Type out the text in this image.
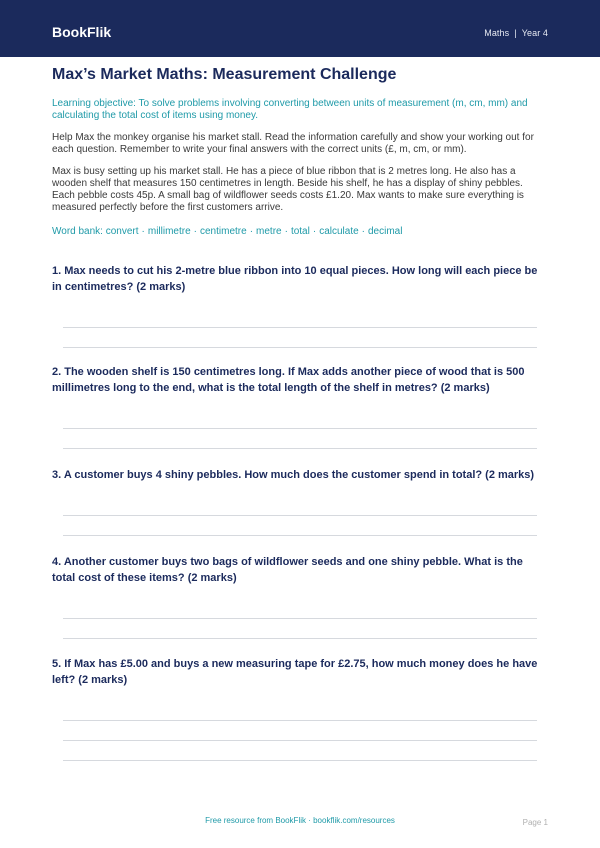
BookFlik	Maths | Year 4
Max’s Market Maths: Measurement Challenge
Learning objective: To solve problems involving converting between units of measurement (m, cm, mm) and calculating the total cost of items using money.
Help Max the monkey organise his market stall. Read the information carefully and show your working out for each question. Remember to write your final answers with the correct units (£, m, cm, or mm).
Max is busy setting up his market stall. He has a piece of blue ribbon that is 2 metres long. He also has a wooden shelf that measures 150 centimetres in length. Beside his shelf, he has a display of shiny pebbles. Each pebble costs 45p. A small bag of wildflower seeds costs £1.20. Max wants to make sure everything is measured perfectly before the first customers arrive.
Word bank: convert · millimetre · centimetre · metre · total · calculate · decimal
1. Max needs to cut his 2-metre blue ribbon into 10 equal pieces. How long will each piece be in centimetres? (2 marks)
2. The wooden shelf is 150 centimetres long. If Max adds another piece of wood that is 500 millimetres long to the end, what is the total length of the shelf in metres? (2 marks)
3. A customer buys 4 shiny pebbles. How much does the customer spend in total? (2 marks)
4. Another customer buys two bags of wildflower seeds and one shiny pebble. What is the total cost of these items? (2 marks)
5. If Max has £5.00 and buys a new measuring tape for £2.75, how much money does he have left? (2 marks)
Free resource from BookFlik · bookflik.com/resources	Page 1
